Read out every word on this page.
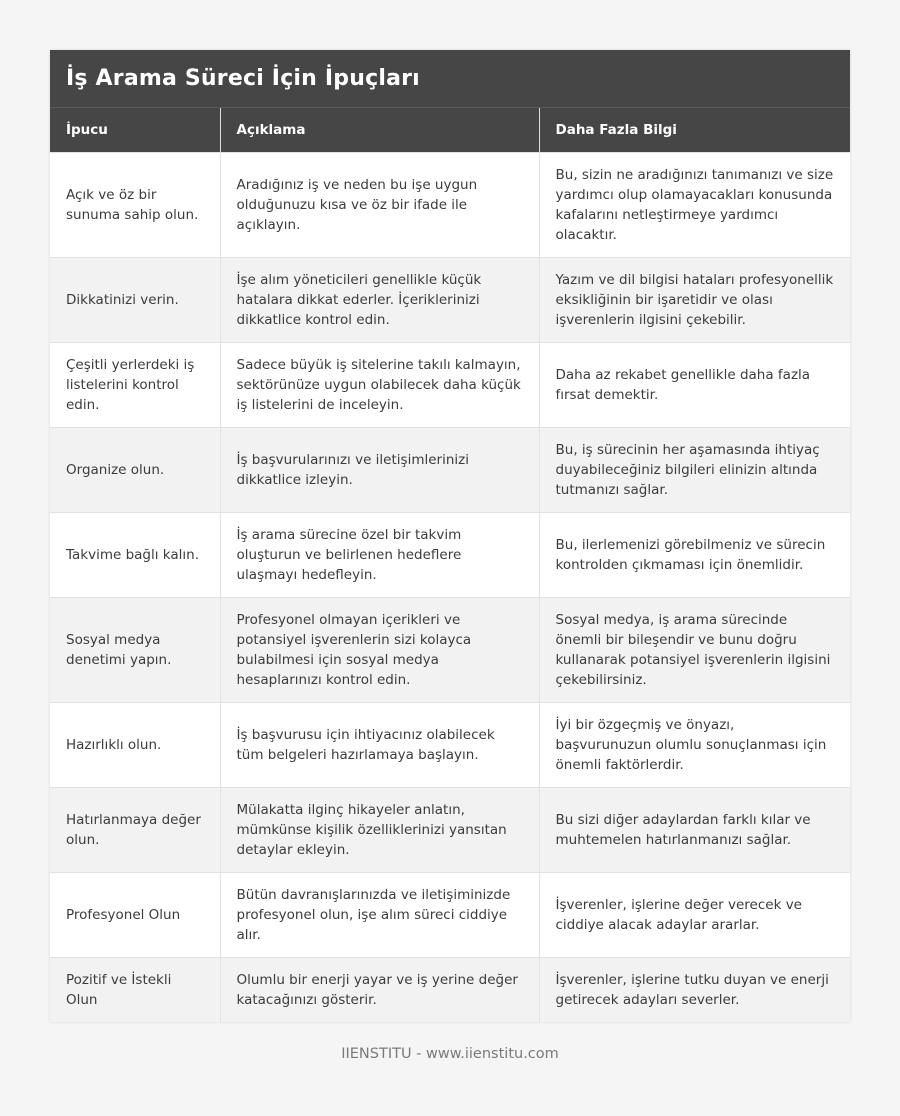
İş Arama Süreci İçin İpuçları
İpucu	Açıklama	Daha Fazla Bilgi
Açık ve öz bir sunuma sahip olun.	Aradığınız iş ve neden bu işe uygun olduğunuzu kısa ve öz bir ifade ile açıklayın.	Bu, sizin ne aradığınızı tanımanızı ve size yardımcı olup olamayacakları konusunda kafalarını netleştirmeye yardımcı olacaktır.
Dikkatinizi verin.	İşe alım yöneticileri genellikle küçük hatalara dikkat ederler. İçeriklerinizi dikkatlice kontrol edin.	Yazım ve dil bilgisi hataları profesyonellik eksikliğinin bir işaretidir ve olası işverenlerin ilgisini çekebilir.
Çeşitli yerlerdeki iş listelerini kontrol edin.	Sadece büyük iş sitelerine takılı kalmayın, sektörünüze uygun olabilecek daha küçük iş listelerini de inceleyin.	Daha az rekabet genellikle daha fazla fırsat demektir.
Organize olun.	İş başvurularınızı ve iletişimlerinizi dikkatlice izleyin.	Bu, iş sürecinin her aşamasında ihtiyaç duyabileceğiniz bilgileri elinizin altında tutmanızı sağlar.
Takvime bağlı kalın.	İş arama sürecine özel bir takvim oluşturun ve belirlenen hedeflere ulaşmayı hedefleyin.	Bu, ilerlemenizi görebilmeniz ve sürecin kontrolden çıkmaması için önemlidir.
Sosyal medya denetimi yapın.	Profesyonel olmayan içerikleri ve potansiyel işverenlerin sizi kolayca bulabilmesi için sosyal medya hesaplarınızı kontrol edin.	Sosyal medya, iş arama sürecinde önemli bir bileşendir ve bunu doğru kullanarak potansiyel işverenlerin ilgisini çekebilirsiniz.
Hazırlıklı olun.	İş başvurusu için ihtiyacınız olabilecek tüm belgeleri hazırlamaya başlayın.	İyi bir özgeçmiş ve önyazı, başvurunuzun olumlu sonuçlanması için önemli faktörlerdir.
Hatırlanmaya değer olun.	Mülakatta ilginç hikayeler anlatın, mümkünse kişilik özelliklerinizi yansıtan detaylar ekleyin.	Bu sizi diğer adaylardan farklı kılar ve muhtemelen hatırlanmanızı sağlar.
Profesyonel Olun	Bütün davranışlarınızda ve iletişiminizde profesyonel olun, işe alım süreci ciddiye alır.	İşverenler, işlerine değer verecek ve ciddiye alacak adaylar ararlar.
Pozitif ve İstekli Olun	Olumlu bir enerji yayar ve iş yerine değer katacağınızı gösterir.	İşverenler, işlerine tutku duyan ve enerji getirecek adayları severler.
IIENSTITU - www.iienstitu.com
